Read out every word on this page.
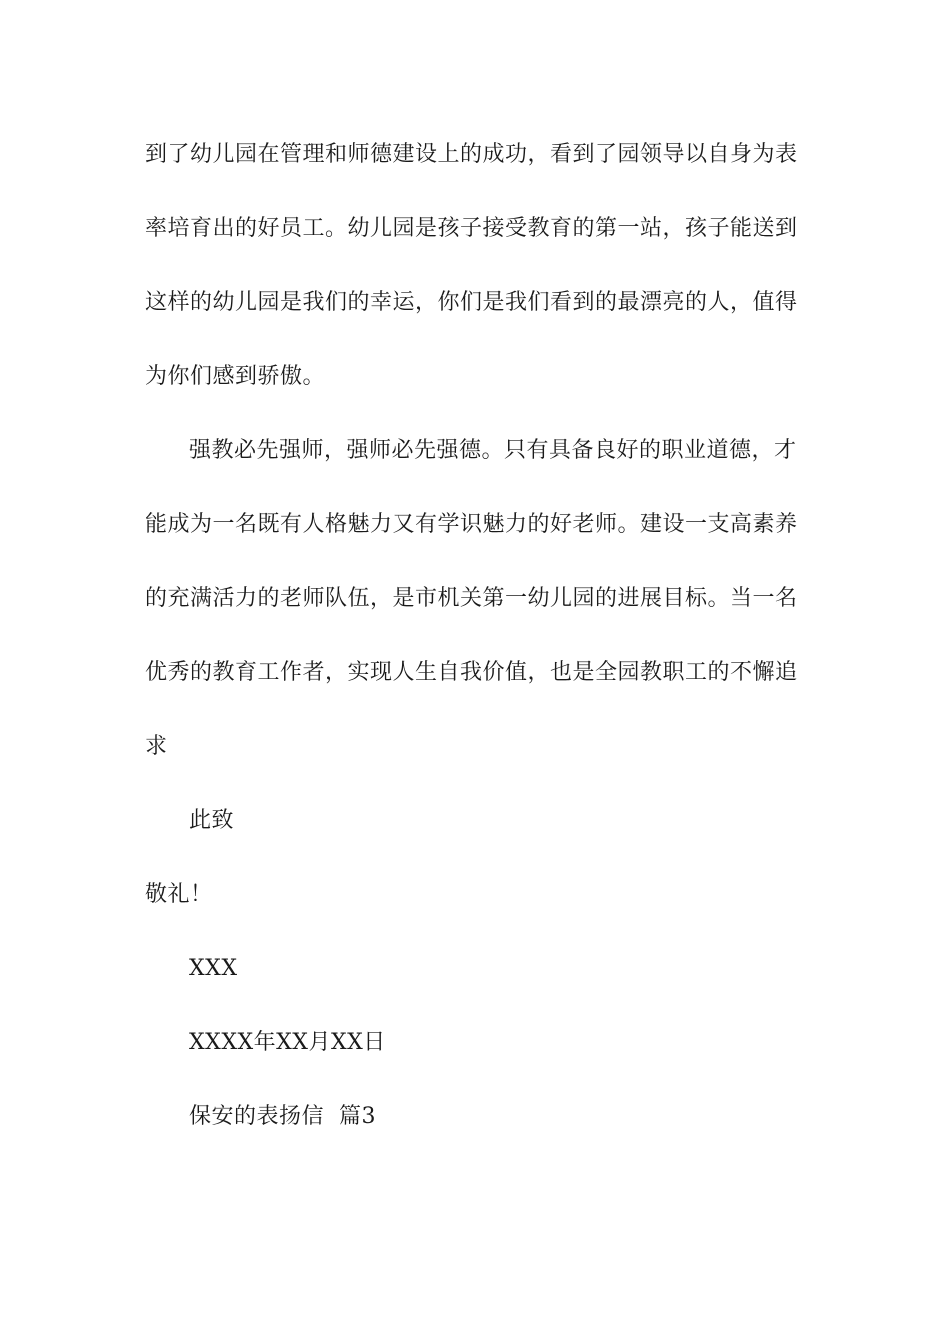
到了幼儿园在管理和师德建设上的成功，看到了园领导以自身为表
率培育出的好员工。幼儿园是孩子接受教育的第一站，孩子能送到
这样的幼儿园是我们的幸运，你们是我们看到的最漂亮的人，值得
为你们感到骄傲。
强教必先强师，强师必先强德。只有具备良好的职业道德，才
能成为一名既有人格魅力又有学识魅力的好老师。建设一支高素养
的充满活力的老师队伍，是市机关第一幼儿园的进展目标。当一名
优秀的教育工作者，实现人生自我价值，也是全园教职工的不懈追
求
此致
敬礼！
XXX
XXXX年XX月XX日
保安的表扬信  篇3
